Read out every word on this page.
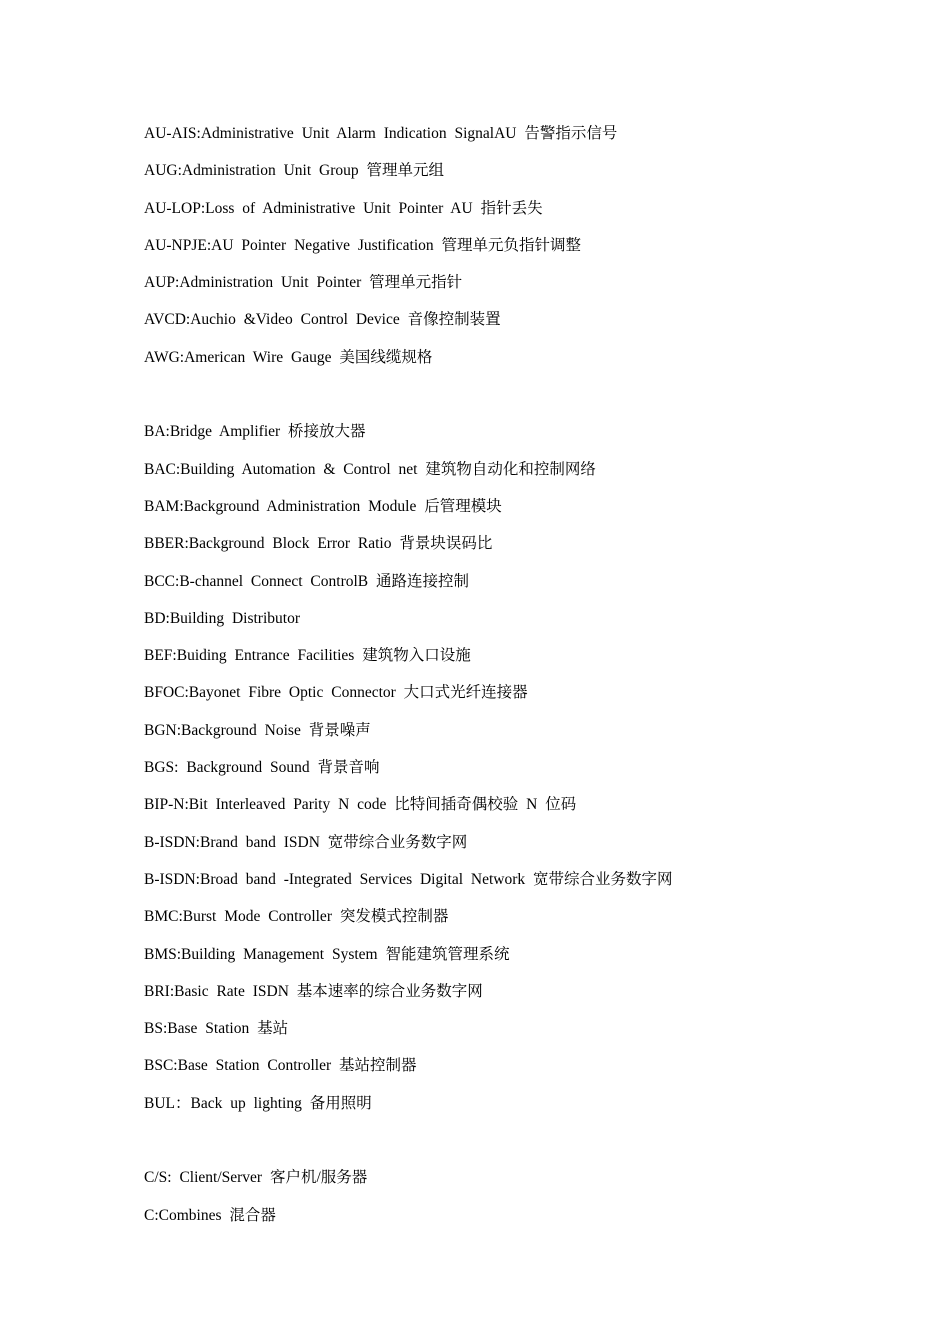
AU-AIS:Administrative Unit Alarm Indication SignalAU 告警指示信号
AUG:Administration Unit Group 管理单元组
AU-LOP:Loss of Administrative Unit Pointer AU 指针丢失
AU-NPJE:AU Pointer Negative Justification 管理单元负指针调整
AUP:Administration Unit Pointer 管理单元指针
AVCD:Auchio &Video Control Device 音像控制装置
AWG:American Wire Gauge 美国线缆规格
BA:Bridge Amplifier 桥接放大器
BAC:Building Automation & Control net 建筑物自动化和控制网络
BAM:Background Administration Module 后管理模块
BBER:Background Block Error Ratio 背景块误码比
BCC:B-channel Connect ControlB 通路连接控制
BD:Building Distributor
BEF:Buiding Entrance Facilities 建筑物入口设施
BFOC:Bayonet Fibre Optic Connector 大口式光纤连接器
BGN:Background Noise 背景噪声
BGS: Background Sound 背景音响
BIP-N:Bit Interleaved Parity N code 比特间插奇偶校验 N 位码
B-ISDN:Brand band ISDN 宽带综合业务数字网
B-ISDN:Broad band -Integrated Services Digital Network 宽带综合业务数字网
BMC:Burst Mode Controller 突发模式控制器
BMS:Building Management System 智能建筑管理系统
BRI:Basic Rate ISDN 基本速率的综合业务数字网
BS:Base Station 基站
BSC:Base Station Controller 基站控制器
BUL：Back up lighting 备用照明
C/S: Client/Server 客户机/服务器
C:Combines 混合器
